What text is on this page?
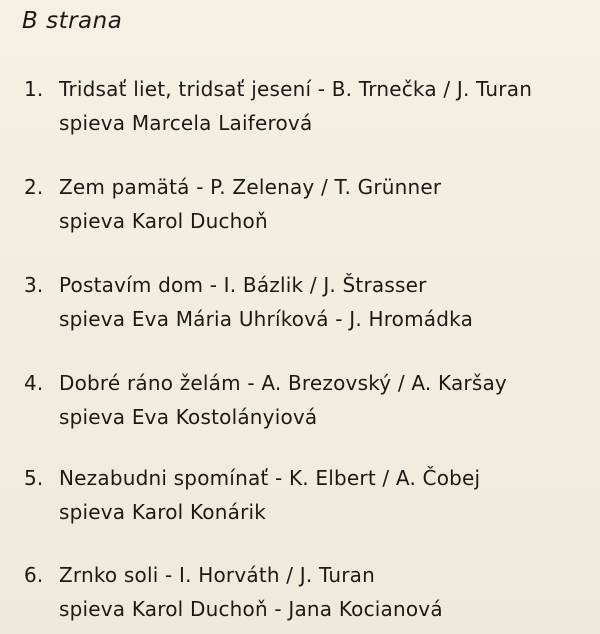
B strana
1. Tridsať liet, tridsať jesení - B. Trnečka / J. Turan
spieva Marcela Laiferová
2. Zem pamätá - P. Zelenay / T. Grünner
spieva Karol Duchoň
3. Postavím dom - I. Bázlik / J. Štrasser
spieva Eva Mária Uhríková - J. Hromádka
4. Dobré ráno želám - A. Brezovský / A. Karšay
spieva Eva Kostolányiová
5. Nezabudni spomínať - K. Elbert / A. Čobej
spieva Karol Konárik
6. Zrnko soli - I. Horváth / J. Turan
spieva Karol Duchoň - Jana Kocianová
